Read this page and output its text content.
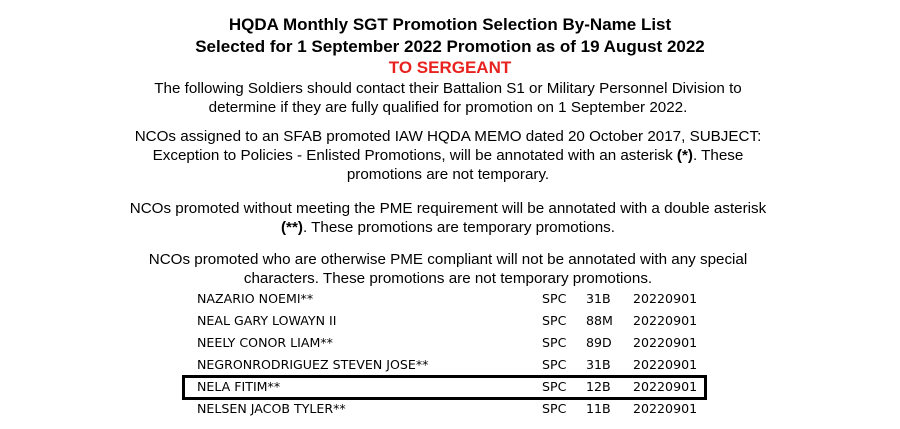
HQDA Monthly SGT Promotion Selection By-Name List
Selected for 1 September 2022 Promotion as of 19 August 2022
TO SERGEANT
The following Soldiers should contact their Battalion S1 or Military Personnel Division to
determine if they are fully qualified for promotion on 1 September 2022.
NCOs assigned to an SFAB promoted IAW HQDA MEMO dated 20 October 2017, SUBJECT:
Exception to Policies - Enlisted Promotions, will be annotated with an asterisk (*). These
promotions are not temporary.
NCOs promoted without meeting the PME requirement will be annotated with a double asterisk
(**). These promotions are temporary promotions.
NCOs promoted who are otherwise PME compliant will not be annotated with any special
characters. These promotions are not temporary promotions.
NAZARIO NOEMI**	SPC 31B 20220901
NEAL GARY LOWAYN II	SPC 88M 20220901
NEELY CONOR LIAM**	SPC 89D 20220901
NEGRONRODRIGUEZ STEVEN JOSE**	SPC 31B 20220901
NELA FITIM**	SPC 12B 20220901
NELSEN JACOB TYLER**	SPC 11B 20220901
